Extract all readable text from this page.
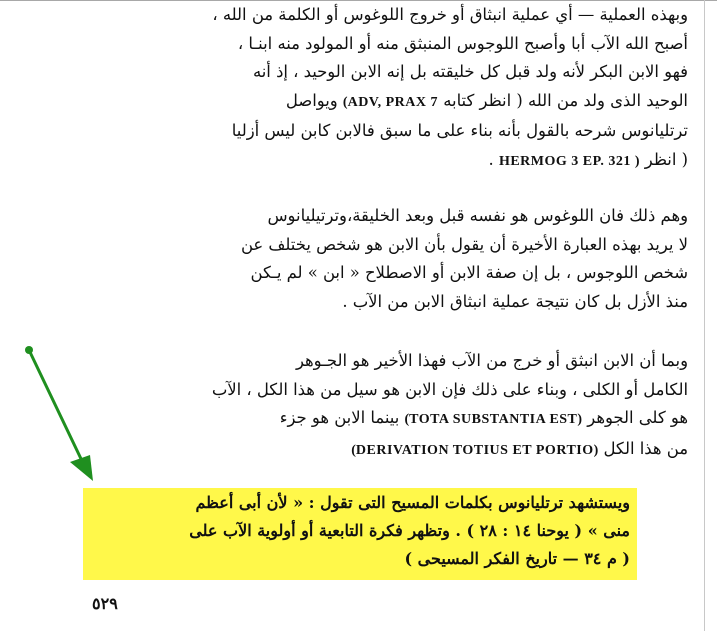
وبهذه العملية — أي عملية انبثاق أو خروج اللوغوس أو الكلمة من الله ،
أصبح الله الآب أبا وأصبح اللوجوس المنبثق منه أو المولود منه ابنـا ،
فهو الابن البكر لأنه ولد قبل كل خليقته بل إنه الابن الوحيد ، إذ أنه
الوحيد الذى ولد من الله ( انظر كتابه (ADV, PRAX 7 ويواصل
ترتليانوس شرحه بالقول بأنه بناء على ما سبق فالابن كابن ليس أزليا
( انظر HERMOG 3 EP. 321 ) .

وهم ذلك فان اللوغوس هو نفسه قبل وبعد الخليقة،وترتيليانوس
لا يريد بهذه العبارة الأخيرة أن يقول بأن الابن هو شخص يختلف عن
شخص اللوجوس ، بل إن صفة الابن أو الاصطلاح « ابن » لم يـكن
منذ الأزل بل كان نتيجة عملية انبثاق الابن من الآب .

وبما أن الابن انبثق أو خرج من الآب فهذا الأخير هو الجـوهر
الكامل أو الكلى ، وبناء على ذلك فإن الابن هو سيل من هذا الكل ، الآب
هو كلى الجوهر (TOTA SUBSTANTIA EST) بينما الابن هو جزء
من هذا الكل (DERIVATION TOTIUS ET PORTIO)

ويستشهد ترتليانوس بكلمات المسيح التى تقول : « لأن أبى أعظم
منى » ( يوحنا ١٤ : ٢٨ ) . وتظهر فكرة التابعية أو أولوية الآب على
( م ٣٤ — تاريخ الفكر المسيحى )

٥٢٩
